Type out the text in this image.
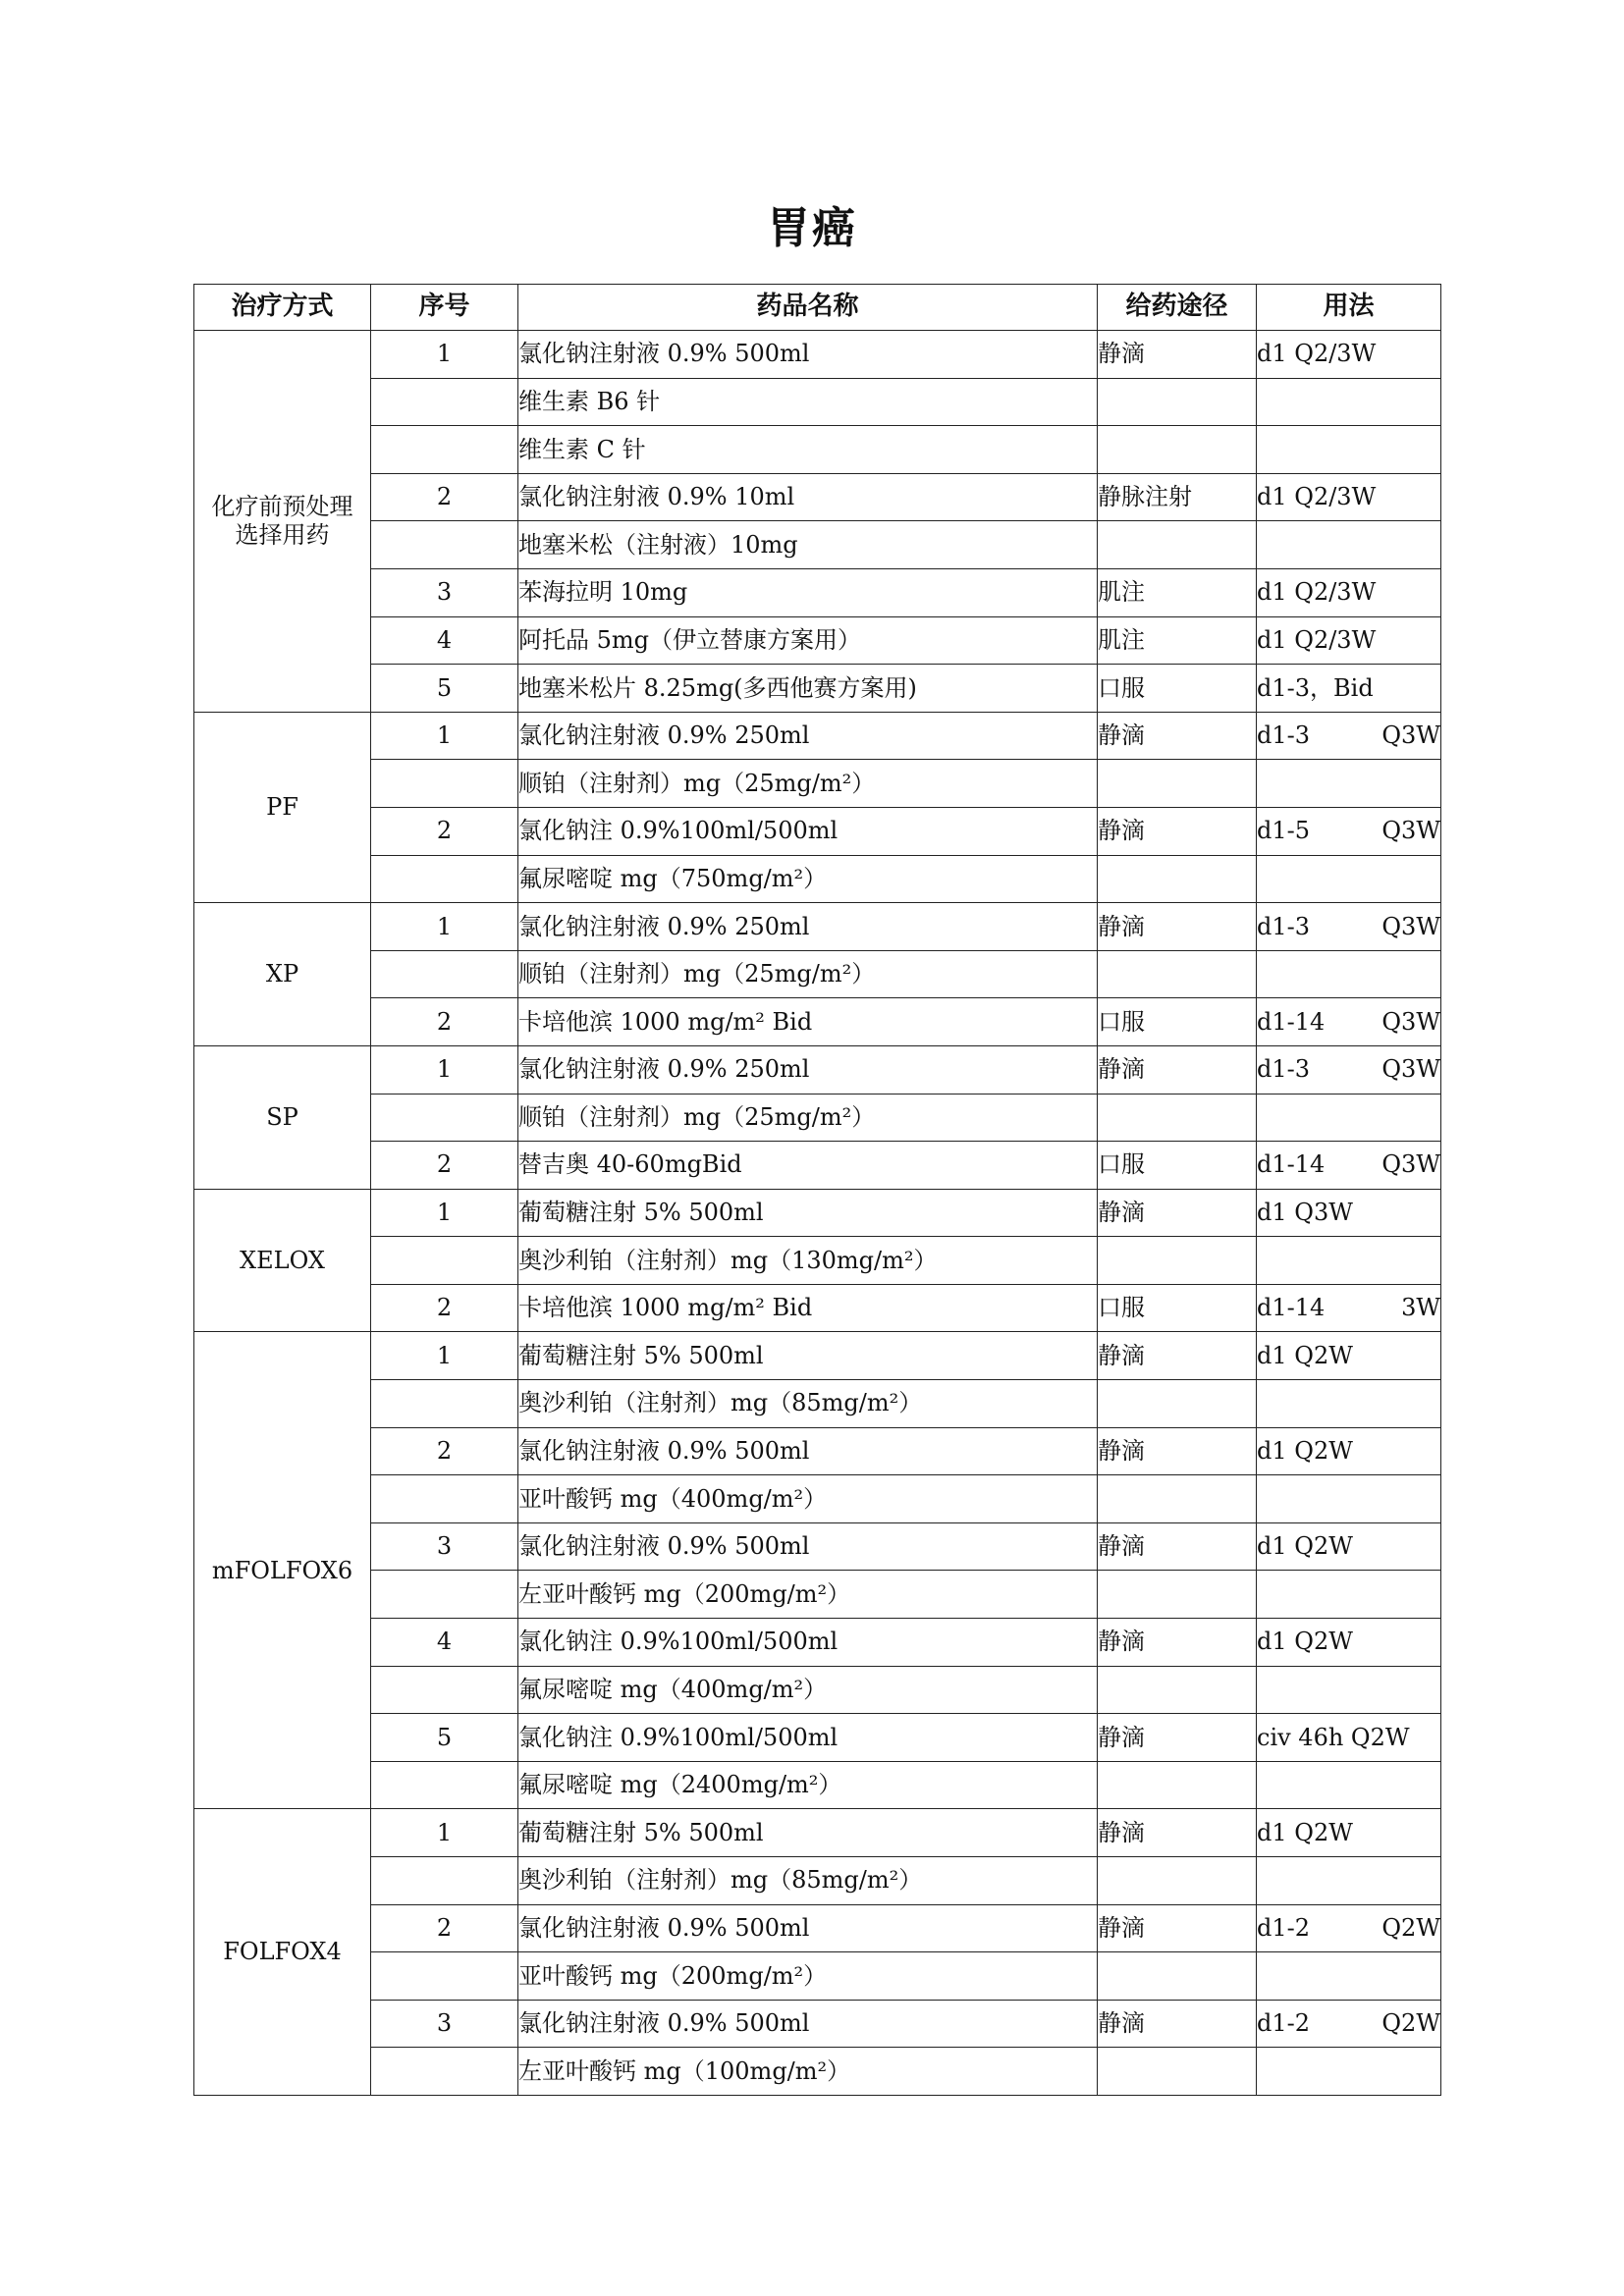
胃癌
治疗方式	序号	药品名称	给药途径	用法
化疗前预处理
选择用药	1	氯化钠注射液 0.9% 500ml	静滴	d1 Q2/3W

		维生素 B6 针		

		维生素 C 针		

	2	氯化钠注射液 0.9% 10ml	静脉注射	d1 Q2/3W

		地塞米松（注射液）10mg		

	3	苯海拉明 10mg	肌注	d1 Q2/3W

	4	阿托品 5mg（伊立替康方案用）	肌注	d1 Q2/3W

	5	地塞米松片 8.25mg(多西他赛方案用)	口服	d1-3，Bid

PF	1	氯化钠注射液 0.9% 250ml	静滴	d1-3 Q3W

		顺铂（注射剂）mg（25mg/m²）		

	2	氯化钠注 0.9%100ml/500ml	静滴	d1-5 Q3W

		氟尿嘧啶 mg（750mg/m²）		

XP	1	氯化钠注射液 0.9% 250ml	静滴	d1-3 Q3W

		顺铂（注射剂）mg（25mg/m²）		

	2	卡培他滨 1000 mg/m² Bid	口服	d1-14 Q3W

SP	1	氯化钠注射液 0.9% 250ml	静滴	d1-3 Q3W

		顺铂（注射剂）mg（25mg/m²）		

	2	替吉奥 40-60mgBid	口服	d1-14 Q3W

XELOX	1	葡萄糖注射 5% 500ml	静滴	d1 Q3W

		奥沙利铂（注射剂）mg（130mg/m²）		

	2	卡培他滨 1000 mg/m² Bid	口服	d1-14 3W

mFOLFOX6	1	葡萄糖注射 5% 500ml	静滴	d1 Q2W

		奥沙利铂（注射剂）mg（85mg/m²）		

	2	氯化钠注射液 0.9% 500ml	静滴	d1 Q2W

		亚叶酸钙 mg（400mg/m²）		

	3	氯化钠注射液 0.9% 500ml	静滴	d1 Q2W

		左亚叶酸钙 mg（200mg/m²）		

	4	氯化钠注 0.9%100ml/500ml	静滴	d1 Q2W

		氟尿嘧啶 mg（400mg/m²）		

	5	氯化钠注 0.9%100ml/500ml	静滴	civ 46h Q2W

		氟尿嘧啶 mg（2400mg/m²）		

FOLFOX4	1	葡萄糖注射 5% 500ml	静滴	d1 Q2W

		奥沙利铂（注射剂）mg（85mg/m²）		

	2	氯化钠注射液 0.9% 500ml	静滴	d1-2 Q2W

		亚叶酸钙 mg（200mg/m²）		

	3	氯化钠注射液 0.9% 500ml	静滴	d1-2 Q2W

		左亚叶酸钙 mg（100mg/m²）		
